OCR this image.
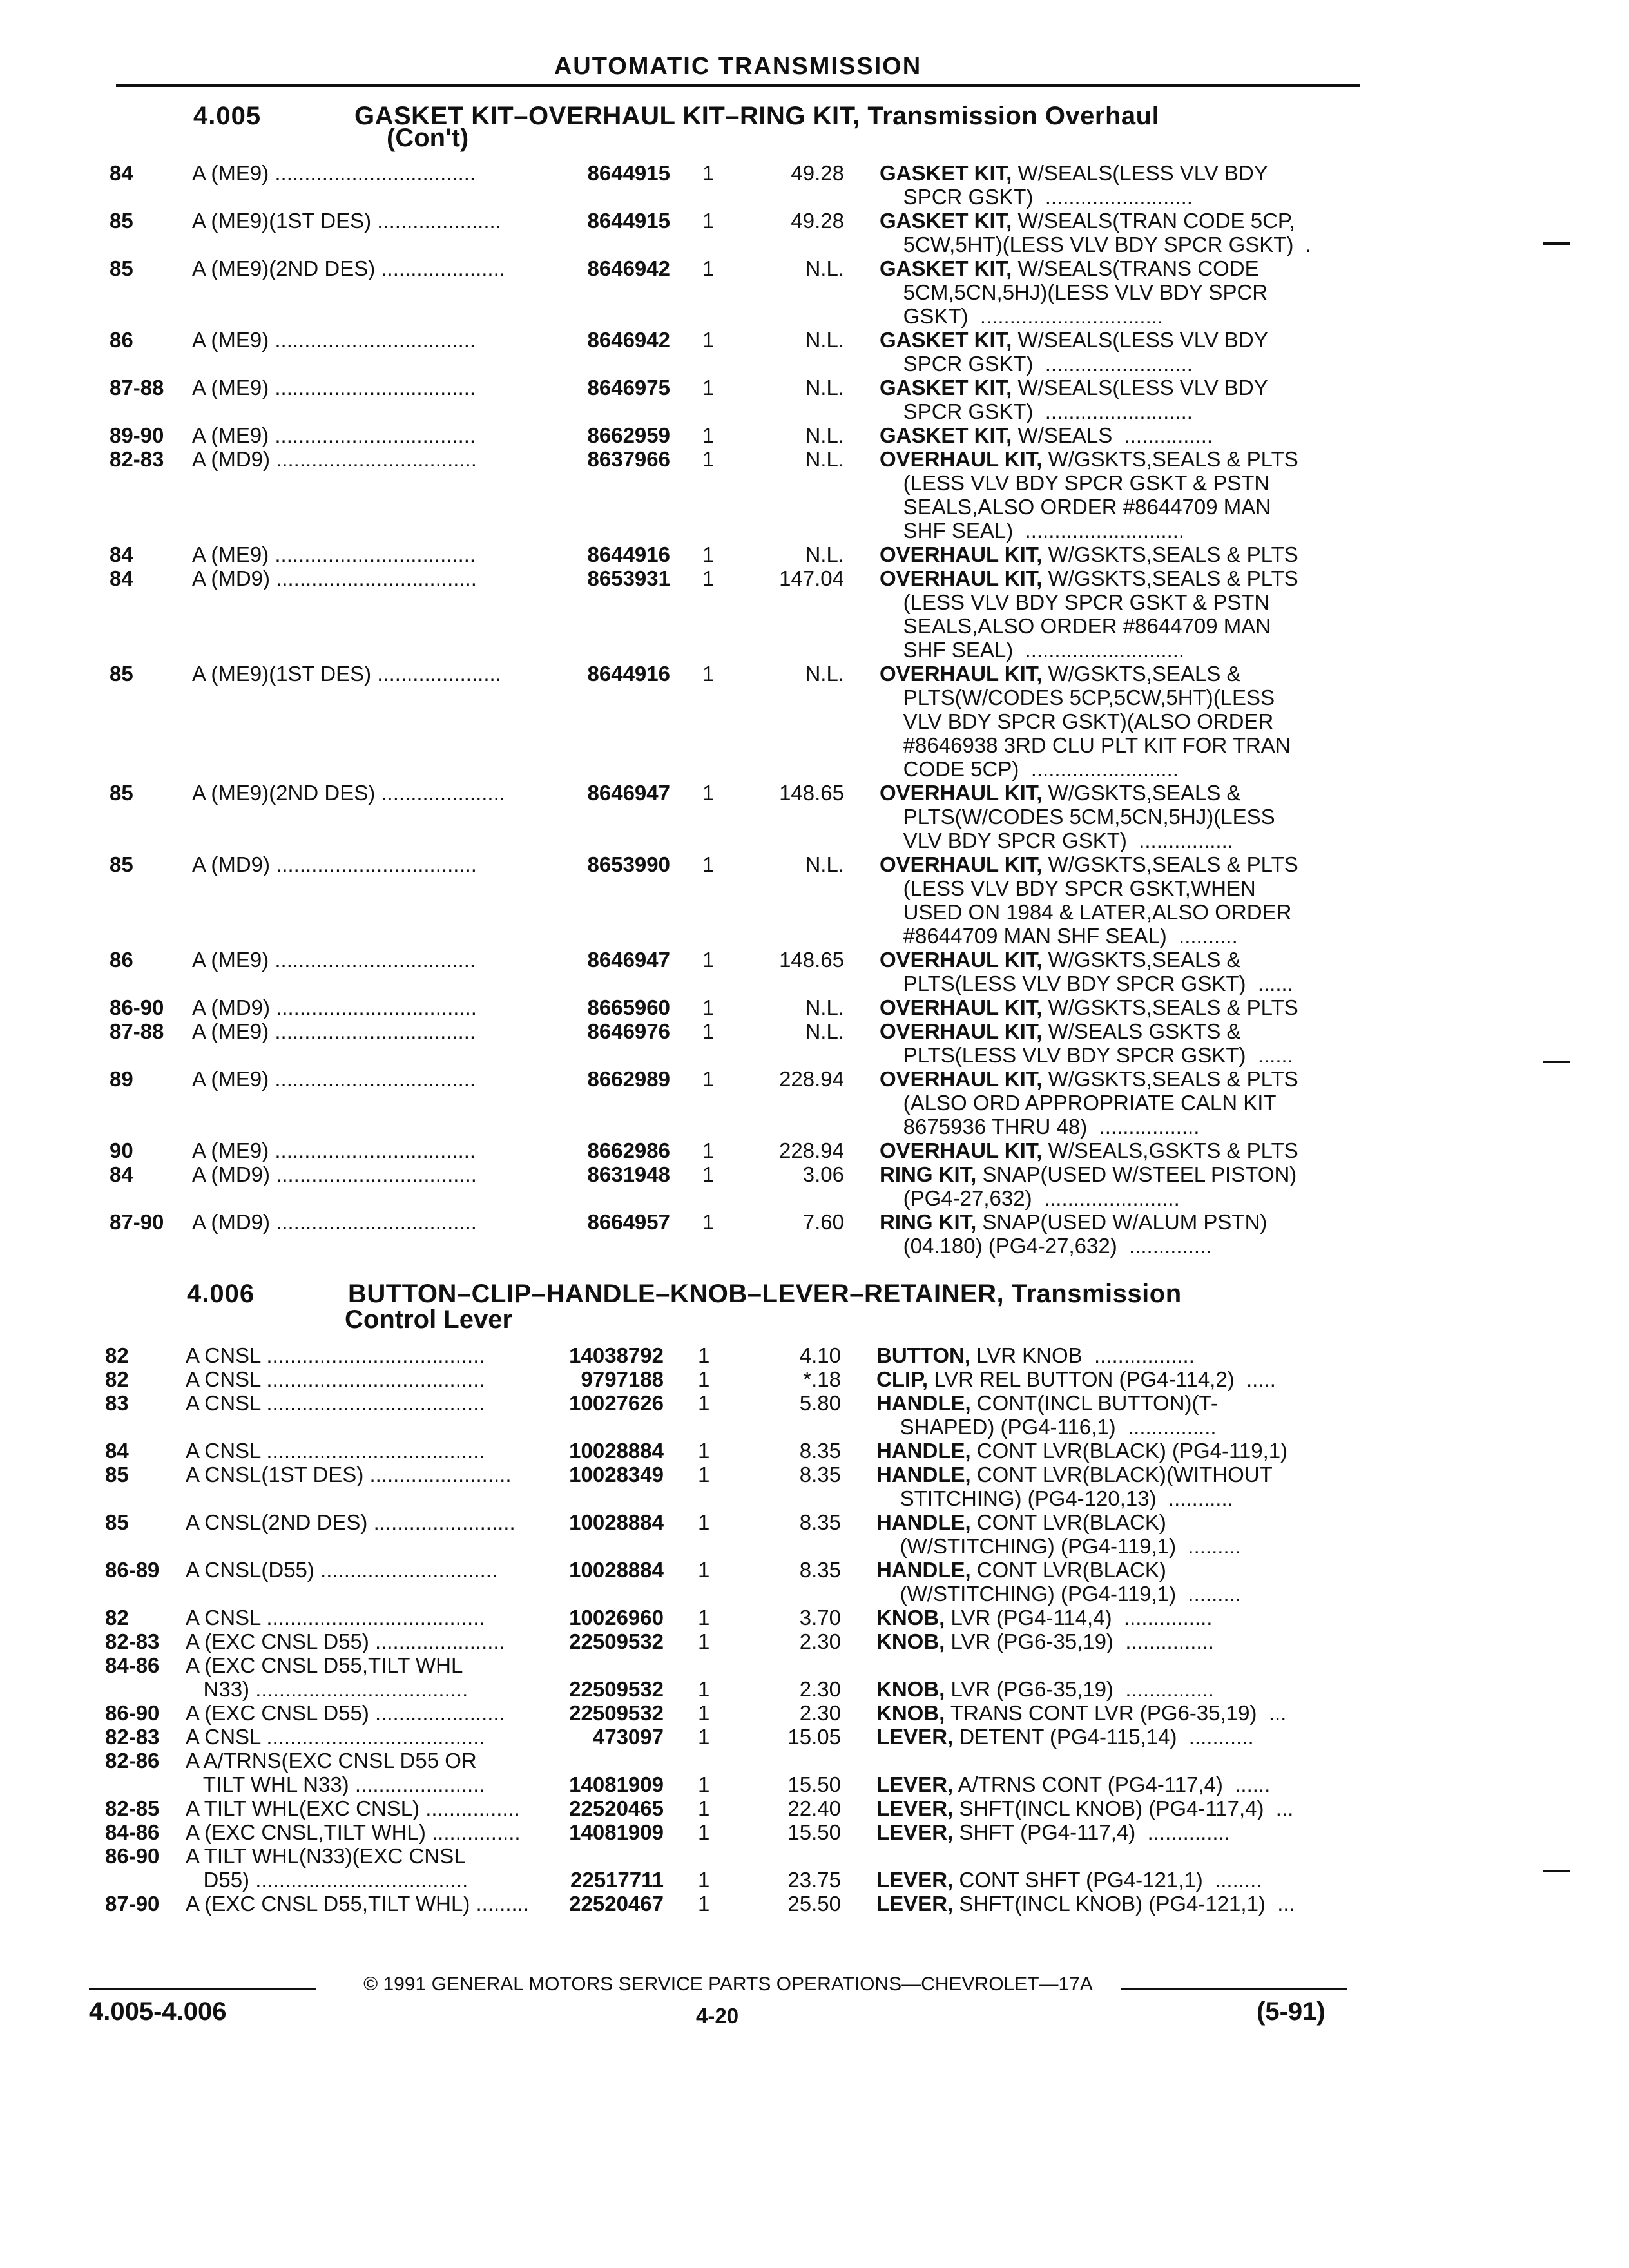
AUTOMATIC TRANSMISSION
4.005	GASKET KIT–OVERHAUL KIT–RING KIT, Transmission Overhaul
(Con't)
4.006	BUTTON–CLIP–HANDLE–KNOB–LEVER–RETAINER, Transmission
Control Lever
84	A (ME9) ..................................	8644915 1	49.28 GASKET KIT, W/SEALS(LESS VLV BDY
SPCR GSKT)  .........................
85	A (ME9)(1ST DES) .....................	8644915 1	49.28 GASKET KIT, W/SEALS(TRAN CODE 5CP,
5CW,5HT)(LESS VLV BDY SPCR GSKT)  .
85	A (ME9)(2ND DES) .....................	8646942 1	N.L. GASKET KIT, W/SEALS(TRANS CODE
5CM,5CN,5HJ)(LESS VLV BDY SPCR
GSKT)  ...............................
86	A (ME9) ..................................	8646942 1	N.L. GASKET KIT, W/SEALS(LESS VLV BDY
SPCR GSKT)  .........................
87-88 A (ME9) ..................................	8646975 1	N.L. GASKET KIT, W/SEALS(LESS VLV BDY
SPCR GSKT)  .........................
89-90 A (ME9) ..................................	8662959 1	N.L. GASKET KIT, W/SEALS  ...............
82-83 A (MD9) ..................................	8637966 1	N.L. OVERHAUL KIT, W/GSKTS,SEALS & PLTS
(LESS VLV BDY SPCR GSKT & PSTN
SEALS,ALSO ORDER #8644709 MAN
SHF SEAL)  ...........................
84	A (ME9) ..................................	8644916 1	N.L. OVERHAUL KIT, W/GSKTS,SEALS & PLTS
84	A (MD9) ..................................	8653931 1	147.04 OVERHAUL KIT, W/GSKTS,SEALS & PLTS
(LESS VLV BDY SPCR GSKT & PSTN
SEALS,ALSO ORDER #8644709 MAN
SHF SEAL)  ...........................
85	A (ME9)(1ST DES) .....................	8644916 1	N.L. OVERHAUL KIT, W/GSKTS,SEALS &
PLTS(W/CODES 5CP,5CW,5HT)(LESS
VLV BDY SPCR GSKT)(ALSO ORDER
#8646938 3RD CLU PLT KIT FOR TRAN
CODE 5CP)  .........................
85	A (ME9)(2ND DES) .....................	8646947 1	148.65 OVERHAUL KIT, W/GSKTS,SEALS &
PLTS(W/CODES 5CM,5CN,5HJ)(LESS
VLV BDY SPCR GSKT)  ................
85	A (MD9) ..................................	8653990 1	N.L. OVERHAUL KIT, W/GSKTS,SEALS & PLTS
(LESS VLV BDY SPCR GSKT,WHEN
USED ON 1984 & LATER,ALSO ORDER
#8644709 MAN SHF SEAL)  ..........
86	A (ME9) ..................................	8646947 1	148.65 OVERHAUL KIT, W/GSKTS,SEALS &
PLTS(LESS VLV BDY SPCR GSKT)  ......
86-90 A (MD9) ..................................	8665960 1	N.L. OVERHAUL KIT, W/GSKTS,SEALS & PLTS
87-88 A (ME9) ..................................	8646976 1	N.L. OVERHAUL KIT, W/SEALS GSKTS &
PLTS(LESS VLV BDY SPCR GSKT)  ......
89	A (ME9) ..................................	8662989 1	228.94 OVERHAUL KIT, W/GSKTS,SEALS & PLTS
(ALSO ORD APPROPRIATE CALN KIT
8675936 THRU 48)  .................
90	A (ME9) ..................................	8662986 1	228.94 OVERHAUL KIT, W/SEALS,GSKTS & PLTS
84	A (MD9) ..................................	8631948 1	3.06 RING KIT, SNAP(USED W/STEEL PISTON)
(PG4-27,632)  .......................
87-90 A (MD9) ..................................	8664957 1	7.60 RING KIT, SNAP(USED W/ALUM PSTN)
(04.180) (PG4-27,632)  ..............
82	A CNSL .....................................	14038792 1	4.10 BUTTON, LVR KNOB  .................
82	A CNSL .....................................	9797188 1	*.18 CLIP, LVR REL BUTTON (PG4-114,2)  .....
83	A CNSL .....................................	10027626 1	5.80 HANDLE, CONT(INCL BUTTON)(T-
SHAPED) (PG4-116,1)  ...............
84	A CNSL .....................................	10028884 1	8.35 HANDLE, CONT LVR(BLACK) (PG4-119,1)
85	A CNSL(1ST DES) ........................	10028349 1	8.35 HANDLE, CONT LVR(BLACK)(WITHOUT
STITCHING) (PG4-120,13)  ...........
85	A CNSL(2ND DES) ........................	10028884 1	8.35 HANDLE, CONT LVR(BLACK)
(W/STITCHING) (PG4-119,1)  .........
86-89 A CNSL(D55) ..............................	10028884 1	8.35 HANDLE, CONT LVR(BLACK)
(W/STITCHING) (PG4-119,1)  .........
82	A CNSL .....................................	10026960 1	3.70 KNOB, LVR (PG4-114,4)  ...............
82-83 A (EXC CNSL D55) ......................	22509532 1	2.30 KNOB, LVR (PG6-35,19)  ...............
84-86 A (EXC CNSL D55,TILT WHL
N33) ....................................	22509532 1	2.30 KNOB, LVR (PG6-35,19)  ...............
86-90 A (EXC CNSL D55) ......................	22509532 1	2.30 KNOB, TRANS CONT LVR (PG6-35,19)  ...
82-83 A CNSL .....................................	473097 1	15.05 LEVER, DETENT (PG4-115,14)  ...........
82-86 A A/TRNS(EXC CNSL D55 OR
TILT WHL N33) ......................	14081909 1	15.50 LEVER, A/TRNS CONT (PG4-117,4)  ......
82-85 A TILT WHL(EXC CNSL) ................	22520465 1	22.40 LEVER, SHFT(INCL KNOB) (PG4-117,4)  ...
84-86 A (EXC CNSL,TILT WHL) ...............	14081909 1	15.50 LEVER, SHFT (PG4-117,4)  ..............
86-90 A TILT WHL(N33)(EXC CNSL
D55) ....................................	22517711 1	23.75 LEVER, CONT SHFT (PG4-121,1)  ........
87-90 A (EXC CNSL D55,TILT WHL) .........	22520467 1	25.50 LEVER, SHFT(INCL KNOB) (PG4-121,1)  ...
© 1991 GENERAL MOTORS SERVICE PARTS OPERATIONS—CHEVROLET—17A
4.005-4.006	4-20	(5-91)
